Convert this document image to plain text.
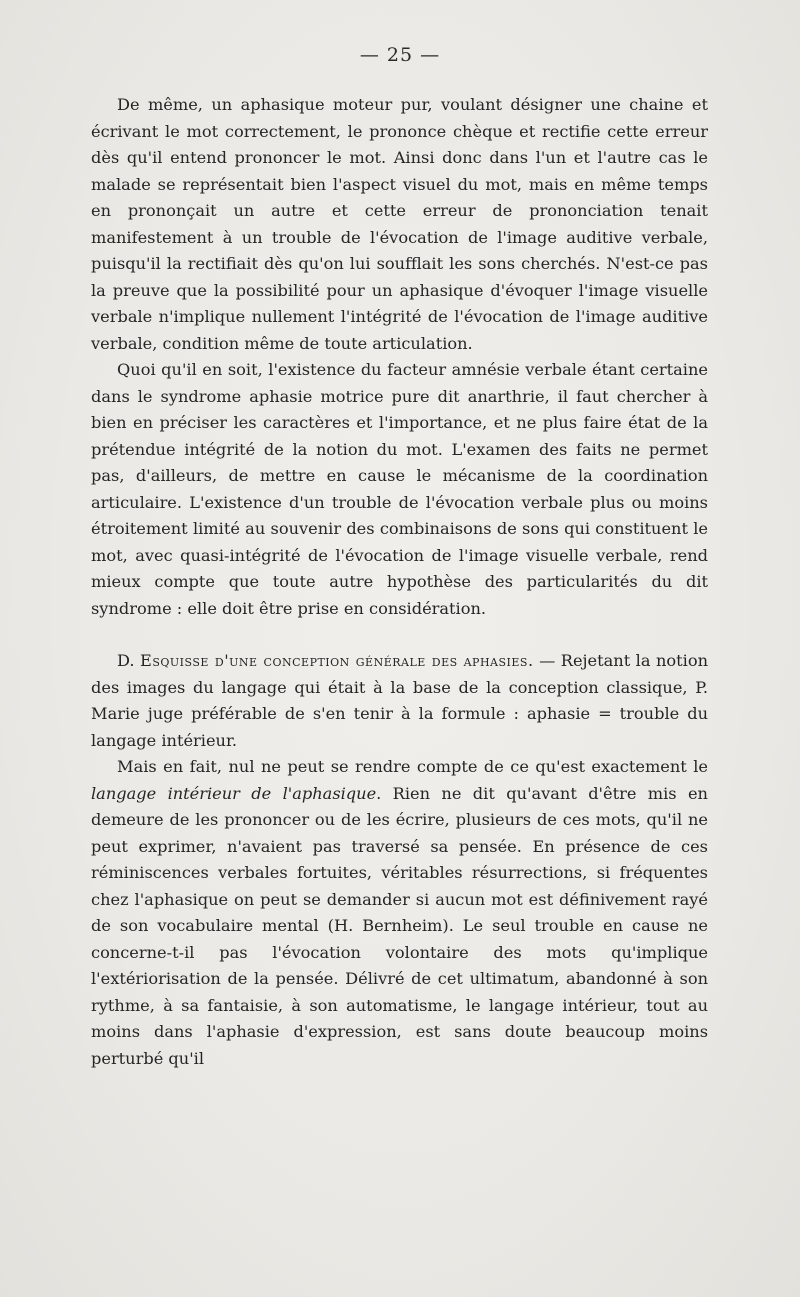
— 25 —

De même, un aphasique moteur pur, voulant désigner une chaine et écrivant le mot correctement, le prononce chèque et rectifie cette erreur dès qu'il entend prononcer le mot. Ainsi donc dans l'un et l'autre cas le malade se représentait bien l'aspect visuel du mot, mais en même temps en prononçait un autre et cette erreur de prononciation tenait manifestement à un trouble de l'évocation de l'image auditive verbale, puisqu'il la rectifiait dès qu'on lui soufflait les sons cherchés. N'est-ce pas la preuve que la possibilité pour un aphasique d'évoquer l'image visuelle verbale n'implique nullement l'intégrité de l'évocation de l'image auditive verbale, condition même de toute articulation.

Quoi qu'il en soit, l'existence du facteur amnésie verbale étant certaine dans le syndrome aphasie motrice pure dit anarthrie, il faut chercher à bien en préciser les caractères et l'importance, et ne plus faire état de la prétendue intégrité de la notion du mot. L'examen des faits ne permet pas, d'ailleurs, de mettre en cause le mécanisme de la coordination articulaire. L'existence d'un trouble de l'évocation verbale plus ou moins étroitement limité au souvenir des combinaisons de sons qui constituent le mot, avec quasi-intégrité de l'évocation de l'image visuelle verbale, rend mieux compte que toute autre hypothèse des particularités du dit syndrome : elle doit être prise en considération.

D. Esquisse d'une conception générale des aphasies. — Rejetant la notion des images du langage qui était à la base de la conception classique, P. Marie juge préférable de s'en tenir à la formule : aphasie = trouble du langage intérieur.

Mais en fait, nul ne peut se rendre compte de ce qu'est exactement le langage intérieur de l'aphasique. Rien ne dit qu'avant d'être mis en demeure de les prononcer ou de les écrire, plusieurs de ces mots, qu'il ne peut exprimer, n'avaient pas traversé sa pensée. En présence de ces réminiscences verbales fortuites, véritables résurrections, si fréquentes chez l'aphasique on peut se demander si aucun mot est définivement rayé de son vocabulaire mental (H. Bernheim). Le seul trouble en cause ne concerne-t-il pas l'évocation volontaire des mots qu'implique l'extériorisation de la pensée. Délivré de cet ultimatum, abandonné à son rythme, à sa fantaisie, à son automatisme, le langage intérieur, tout au moins dans l'aphasie d'expression, est sans doute beaucoup moins perturbé qu'il
